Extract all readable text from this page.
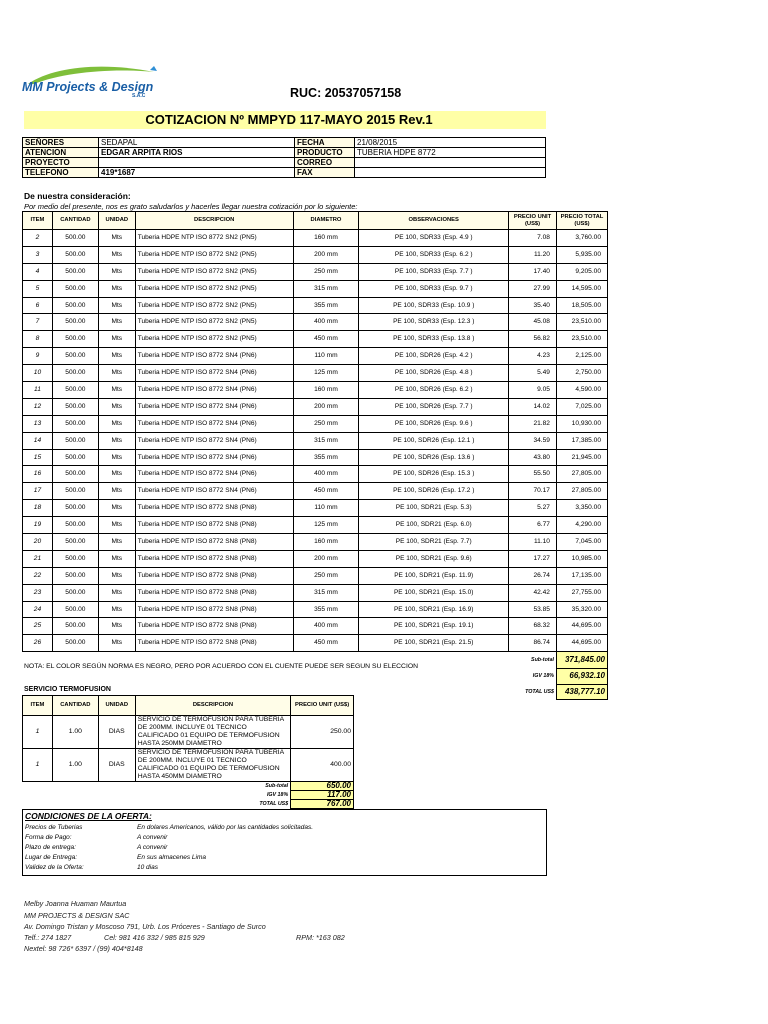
MM Projects & Design
S.A.C	RUC: 20537057158
COTIZACION Nº MMPYD 117-MAYO 2015 Rev.1
SEÑORES	SEDAPAL	FECHA	21/08/2015
ATENCION	EDGAR ARPITA RIOS	PRODUCTO	TUBERIA HDPE 8772
PROYECTO		CORREO	
TELEFONO	419*1687	FAX	
De nuestra consideración:
Por medio del presente, nos es grato saludarlos y hacerles llegar nuestra cotización por lo siguiente:
ITEM	CANTIDAD	UNIDAD	DESCRIPCION	DIAMETRO	OBSERVACIONES	PRECIO UNIT (US$)	PRECIO TOTAL (US$)
2	500.00	Mts	Tuberia HDPE NTP ISO 8772 SN2 (PN5)	160 mm	PE 100, SDR33 (Esp. 4.9 )	7.08	3,760.00
3	500.00	Mts	Tuberia HDPE NTP ISO 8772 SN2 (PN5)	200 mm	PE 100, SDR33 (Esp. 6.2 )	11.20	5,935.00
4	500.00	Mts	Tuberia HDPE NTP ISO 8772 SN2 (PN5)	250 mm	PE 100, SDR33 (Esp. 7.7 )	17.40	9,205.00
5	500.00	Mts	Tuberia HDPE NTP ISO 8772 SN2 (PN5)	315 mm	PE 100, SDR33 (Esp. 9.7 )	27.99	14,595.00
6	500.00	Mts	Tuberia HDPE NTP ISO 8772 SN2 (PN5)	355 mm	PE 100, SDR33 (Esp. 10.9 )	35.40	18,505.00
7	500.00	Mts	Tuberia HDPE NTP ISO 8772 SN2 (PN5)	400 mm	PE 100, SDR33 (Esp. 12.3 )	45.08	23,510.00
8	500.00	Mts	Tuberia HDPE NTP ISO 8772 SN2 (PN5)	450 mm	PE 100, SDR33 (Esp. 13.8 )	56.82	23,510.00
9	500.00	Mts	Tuberia HDPE NTP ISO 8772 SN4 (PN6)	110 mm	PE 100, SDR26 (Esp. 4.2 )	4.23	2,125.00
10	500.00	Mts	Tuberia HDPE NTP ISO 8772 SN4 (PN6)	125 mm	PE 100, SDR26 (Esp. 4.8 )	5.49	2,750.00
11	500.00	Mts	Tuberia HDPE NTP ISO 8772 SN4 (PN6)	160 mm	PE 100, SDR26 (Esp. 6.2 )	9.05	4,590.00
12	500.00	Mts	Tuberia HDPE NTP ISO 8772 SN4 (PN6)	200 mm	PE 100, SDR26 (Esp. 7.7 )	14.02	7,025.00
13	500.00	Mts	Tuberia HDPE NTP ISO 8772 SN4 (PN6)	250 mm	PE 100, SDR26 (Esp. 9.6 )	21.82	10,930.00
14	500.00	Mts	Tuberia HDPE NTP ISO 8772 SN4 (PN6)	315 mm	PE 100, SDR26 (Esp. 12.1 )	34.59	17,385.00
15	500.00	Mts	Tuberia HDPE NTP ISO 8772 SN4 (PN6)	355 mm	PE 100, SDR26 (Esp. 13.6 )	43.80	21,945.00
16	500.00	Mts	Tuberia HDPE NTP ISO 8772 SN4 (PN6)	400 mm	PE 100, SDR26 (Esp. 15.3 )	55.50	27,805.00
17	500.00	Mts	Tuberia HDPE NTP ISO 8772 SN4 (PN6)	450 mm	PE 100, SDR26 (Esp. 17.2 )	70.17	27,805.00
18	500.00	Mts	Tuberia HDPE NTP ISO 8772 SN8 (PN8)	110 mm	PE 100, SDR21 (Esp. 5.3)	5.27	3,350.00
19	500.00	Mts	Tuberia HDPE NTP ISO 8772 SN8 (PN8)	125 mm	PE 100, SDR21 (Esp. 6.0)	6.77	4,290.00
20	500.00	Mts	Tuberia HDPE NTP ISO 8772 SN8 (PN8)	160 mm	PE 100, SDR21 (Esp. 7.7)	11.10	7,045.00
21	500.00	Mts	Tuberia HDPE NTP ISO 8772 SN8 (PN8)	200 mm	PE 100, SDR21 (Esp. 9.6)	17.27	10,985.00
22	500.00	Mts	Tuberia HDPE NTP ISO 8772 SN8 (PN8)	250 mm	PE 100, SDR21 (Esp. 11.9)	26.74	17,135.00
23	500.00	Mts	Tuberia HDPE NTP ISO 8772 SN8 (PN8)	315 mm	PE 100, SDR21 (Esp. 15.0)	42.42	27,755.00
24	500.00	Mts	Tuberia HDPE NTP ISO 8772 SN8 (PN8)	355 mm	PE 100, SDR21 (Esp. 16.9)	53.85	35,320.00
25	500.00	Mts	Tuberia HDPE NTP ISO 8772 SN8 (PN8)	400 mm	PE 100, SDR21 (Esp. 19.1)	68.32	44,695.00
26	500.00	Mts	Tuberia HDPE NTP ISO 8772 SN8 (PN8)	450 mm	PE 100, SDR21 (Esp. 21.5)	86.74	44,695.00
						Sub-total	371,845.00
						IGV 18%	66,932.10
						TOTAL US$	438,777.10
NOTA: EL COLOR SEGÚN NORMA ES NEGRO, PERO POR ACUERDO CON EL CUENTE PUEDE SER SEGUN SU ELECCION
SERVICIO TERMOFUSION
ITEM	CANTIDAD	UNIDAD	DESCRIPCION	PRECIO UNIT (US$)
1	1.00	DIAS	SERVICIO DE TERMOFUSION PARA TUBERIA DE 200MM. INCLUYE 01 TECNICO CALIFICADO 01 EQUIPO DE TERMOFUSION HASTA 250MM DIAMETRO	250.00
1	1.00	DIAS	SERVICIO DE TERMOFUSION PARA TUBERIA DE 200MM. INCLUYE 01 TECNICO CALIFICADO 01 EQUIPO DE TERMOFUSION HASTA 450MM DIAMETRO	400.00
			Sub-total	650.00
			IGV 18%	117.00
			TOTAL US$	767.00
CONDICIONES DE LA OFERTA:
Precios de Tuberias	En dolares Americanos, válido por las cantidades solicitadas.
Forma de Pago:	A convenir
Plazo de entrega:	A convenir
Lugar de Entrega:	En sus almacenes Lima
Validez de la Oferta:	10 dias
Melby Joanna Huaman Maurtua
MM PROJECTS & DESIGN SAC
Av. Domingo Tristan y Moscoso 791, Urb. Los Próceres - Santiago de Surco
Telf.: 274 1827	Cel: 981 416 332 / 985 815 929	RPM: *163 082
Nextel: 98 726* 6397 / (99) 404*8148
